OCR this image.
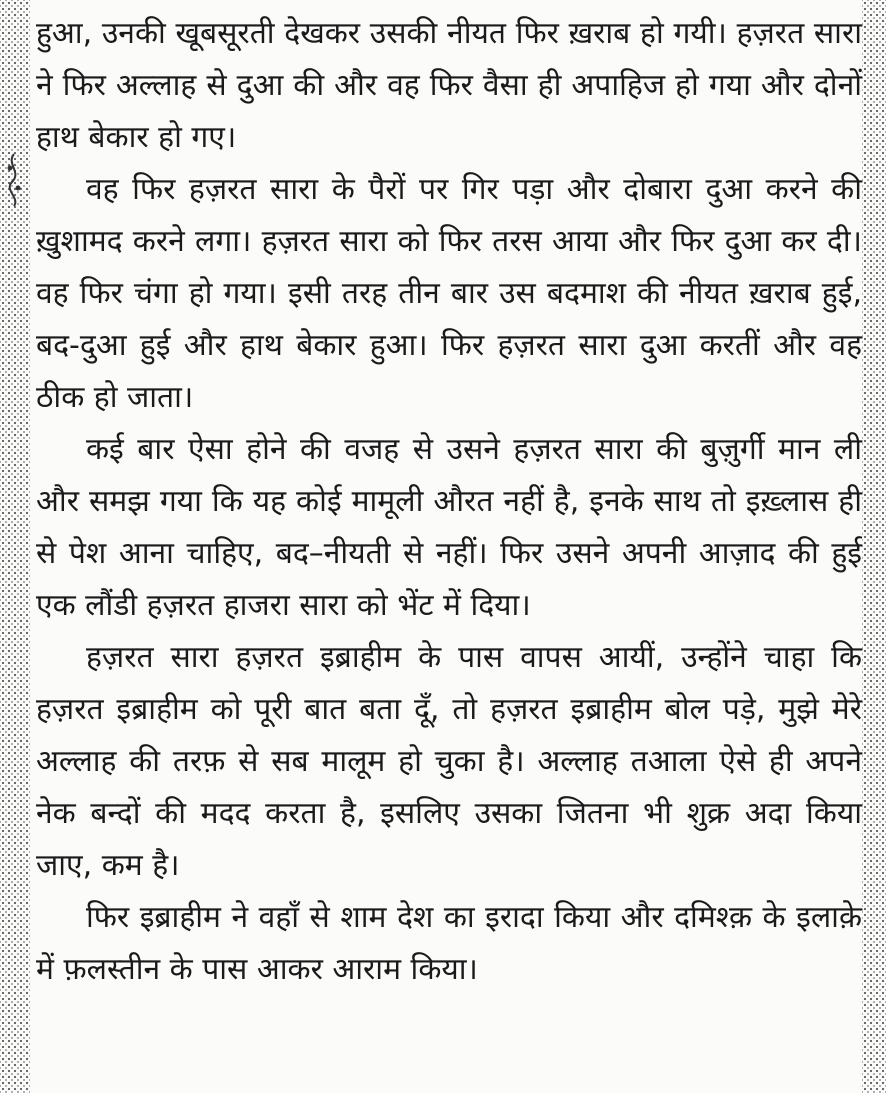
हुआ, उनकी खूबसूरती देखकर उसकी नीयत फिर ख़राब हो गयी। हज़रत सारा ने फिर अल्लाह से दुआ की और वह फिर वैसा ही अपाहिज हो गया और दोनों हाथ बेकार हो गए।

वह फिर हज़रत सारा के पैरों पर गिर पड़ा और दोबारा दुआ करने की ख़ुशामद करने लगा। हज़रत सारा को फिर तरस आया और फिर दुआ कर दी। वह फिर चंगा हो गया। इसी तरह तीन बार उस बदमाश की नीयत ख़राब हुई, बद-दुआ हुई और हाथ बेकार हुआ। फिर हज़रत सारा दुआ करतीं और वह ठीक हो जाता।

कई बार ऐसा होने की वजह से उसने हज़रत सारा की बुज़ुर्गी मान ली और समझ गया कि यह कोई मामूली औरत नहीं है, इनके साथ तो इख़्लास ही से पेश आना चाहिए, बद–नीयती से नहीं। फिर उसने अपनी आज़ाद की हुई एक लौंडी हज़रत हाजरा सारा को भेंट में दिया।

हज़रत सारा हज़रत इब्राहीम के पास वापस आयीं, उन्होंने चाहा कि हज़रत इब्राहीम को पूरी बात बता दूँ, तो हज़रत इब्राहीम बोल पड़े, मुझे मेरे अल्लाह की तरफ़ से सब मालूम हो चुका है। अल्लाह तआला ऐसे ही अपने नेक बन्दों की मदद करता है, इसलिए उसका जितना भी शुक्र अदा किया जाए, कम है।

फिर इब्राहीम ने वहाँ से शाम देश का इरादा किया और दमिश्क़ के इलाक़े में फ़लस्तीन के पास आकर आराम किया।
